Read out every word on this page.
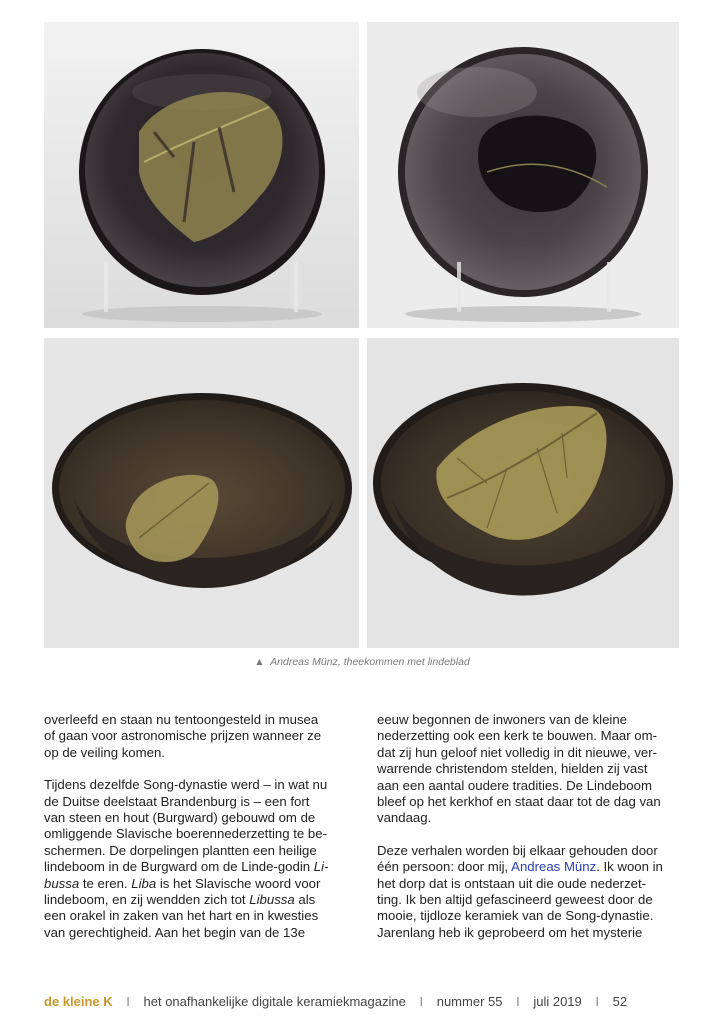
▲ Andreas Münz, theekommen met lindeblad

overleefd en staan nu tentoongesteld in musea
of gaan voor astronomische prijzen wanneer ze
op de veiling komen.

Tijdens dezelfde Song-dynastie werd – in wat nu
de Duitse deelstaat Brandenburg is – een fort
van steen en hout (Burgward) gebouwd om de
omliggende Slavische boerennederzetting te be-
schermen. De dorpelingen plantten een heilige
lindeboom in de Burgward om de Linde-godin Li-
bussa te eren. Liba is het Slavische woord voor
lindeboom, en zij wendden zich tot Libussa als
een orakel in zaken van het hart en in kwesties
van gerechtigheid. Aan het begin van de 13e

eeuw begonnen de inwoners van de kleine
nederzetting ook een kerk te bouwen. Maar om-
dat zij hun geloof niet volledig in dit nieuwe, ver-
warrende christendom stelden, hielden zij vast
aan een aantal oudere tradities. De Lindeboom
bleef op het kerkhof en staat daar tot de dag van
vandaag.

Deze verhalen worden bij elkaar gehouden door
één persoon: door mij, Andreas Münz. Ik woon in
het dorp dat is ontstaan uit die oude nederzet-
ting. Ik ben altijd gefascineerd geweest door de
mooie, tijdloze keramiek van de Song-dynastie.
Jarenlang heb ik geprobeerd om het mysterie

de kleine K I het onafhankelijke digitale keramiekmagazine I nummer 55 I juli 2019 I 52
